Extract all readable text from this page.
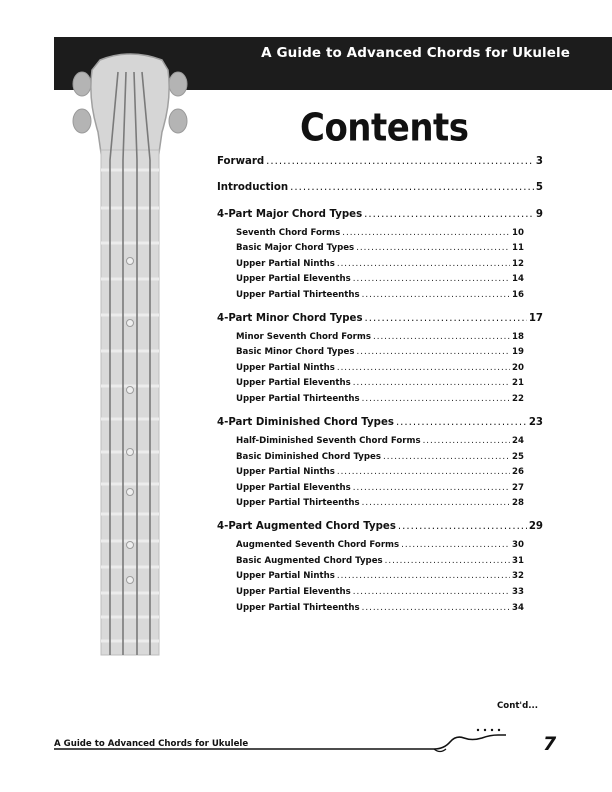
A Guide to Advanced Chords for Ukulele
Contents
Forward .....	3
Introduction .....	5
4-Part Major Chord Types .....	9
Seventh Chord Forms .....	10
Basic Major Chord Types .....	11
Upper Partial Ninths .....	12
Upper Partial Elevenths .....	14
Upper Partial Thirteenths .....	16
4-Part Minor Chord Types .....	17
Minor Seventh Chord Forms .....	18
Basic Minor Chord Types .....	19
Upper Partial Ninths .....	20
Upper Partial Elevenths .....	21
Upper Partial Thirteenths .....	22
4-Part Diminished Chord Types .....	23
Half-Diminished Seventh Chord Forms .....	24
Basic Diminished Chord Types .....	25
Upper Partial Ninths .....	26
Upper Partial Elevenths .....	27
Upper Partial Thirteenths .....	28
4-Part Augmented Chord Types .....	29
Augmented Seventh Chord Forms .....	30
Basic Augmented Chord Types .....	31
Upper Partial Ninths .....	32
Upper Partial Elevenths .....	33
Upper Partial Thirteenths .....	34
Cont'd...
A Guide to Advanced Chords for Ukulele	7
